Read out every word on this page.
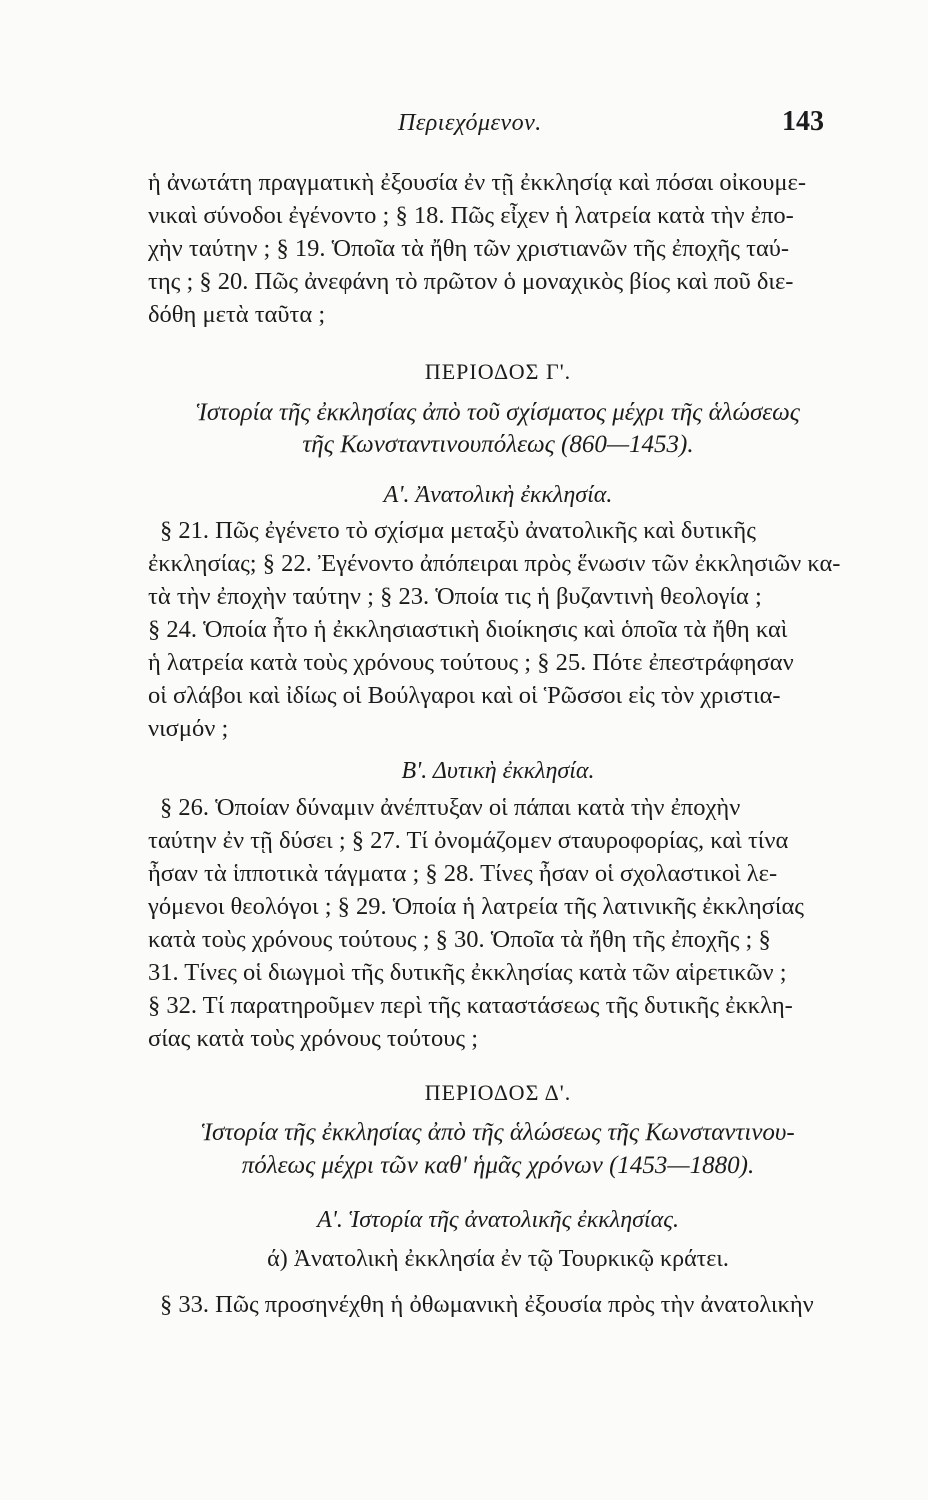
Περιεχόμενον.	143
ἡ ἀνωτάτη πραγματικὴ ἐξουσία ἐν τῇ ἐκκλησίᾳ καὶ πόσαι οἰκουμε-
νικαὶ σύνοδοι ἐγένοντο ; § 18. Πῶς εἶχεν ἡ λατρεία κατὰ τὴν ἐπο-
χὴν ταύτην ; § 19. Ὁποῖα τὰ ἤθη τῶν χριστιανῶν τῆς ἐποχῆς ταύ-
της ; § 20. Πῶς ἀνεφάνη τὸ πρῶτον ὁ μοναχικὸς βίος καὶ ποῦ διε-
δόθη μετὰ ταῦτα ;
ΠΕΡΙΟΔΟΣ Γ'.
Ἱστορία τῆς ἐκκλησίας ἀπὸ τοῦ σχίσματος μέχρι τῆς ἁλώσεως
τῆς Κωνσταντινουπόλεως (860—1453).
Α'. Ἀνατολικὴ ἐκκλησία.
§ 21. Πῶς ἐγένετο τὸ σχίσμα μεταξὺ ἀνατολικῆς καὶ δυτικῆς
ἐκκλησίας; § 22. Ἐγένοντο ἀπόπειραι πρὸς ἕνωσιν τῶν ἐκκλησιῶν κα-
τὰ τὴν ἐποχὴν ταύτην ; § 23. Ὁποία τις ἡ βυζαντινὴ θεολογία ;
§ 24. Ὁποία ἦτο ἡ ἐκκλησιαστικὴ διοίκησις καὶ ὁποῖα τὰ ἤθη καὶ
ἡ λατρεία κατὰ τοὺς χρόνους τούτους ; § 25. Πότε ἐπεστράφησαν
οἱ σλάβοι καὶ ἰδίως οἱ Βούλγαροι καὶ οἱ Ῥῶσσοι εἰς τὸν χριστια-
νισμόν ;
Β'. Δυτικὴ ἐκκλησία.
§ 26. Ὁποίαν δύναμιν ἀνέπτυξαν οἱ πάπαι κατὰ τὴν ἐποχὴν
ταύτην ἐν τῇ δύσει ; § 27. Τί ὀνομάζομεν σταυροφορίας, καὶ τίνα
ἦσαν τὰ ἱπποτικὰ τάγματα ; § 28. Τίνες ἦσαν οἱ σχολαστικοὶ λε-
γόμενοι θεολόγοι ; § 29. Ὁποία ἡ λατρεία τῆς λατινικῆς ἐκκλησίας
κατὰ τοὺς χρόνους τούτους ; § 30. Ὁποῖα τὰ ἤθη τῆς ἐποχῆς ; §
31. Τίνες οἱ διωγμοὶ τῆς δυτικῆς ἐκκλησίας κατὰ τῶν αἱρετικῶν ;
§ 32. Τί παρατηροῦμεν περὶ τῆς καταστάσεως τῆς δυτικῆς ἐκκλη-
σίας κατὰ τοὺς χρόνους τούτους ;
ΠΕΡΙΟΔΟΣ Δ'.
Ἱστορία τῆς ἐκκλησίας ἀπὸ τῆς ἁλώσεως τῆς Κωνσταντινου-
πόλεως μέχρι τῶν καθ' ἡμᾶς χρόνων (1453—1880).
Α'. Ἱστορία τῆς ἀνατολικῆς ἐκκλησίας.
ά) Ἀνατολικὴ ἐκκλησία ἐν τῷ Τουρκικῷ κράτει.
§ 33. Πῶς προσηνέχθη ἡ ὀθωμανικὴ ἐξουσία πρὸς τὴν ἀνατολικὴν
